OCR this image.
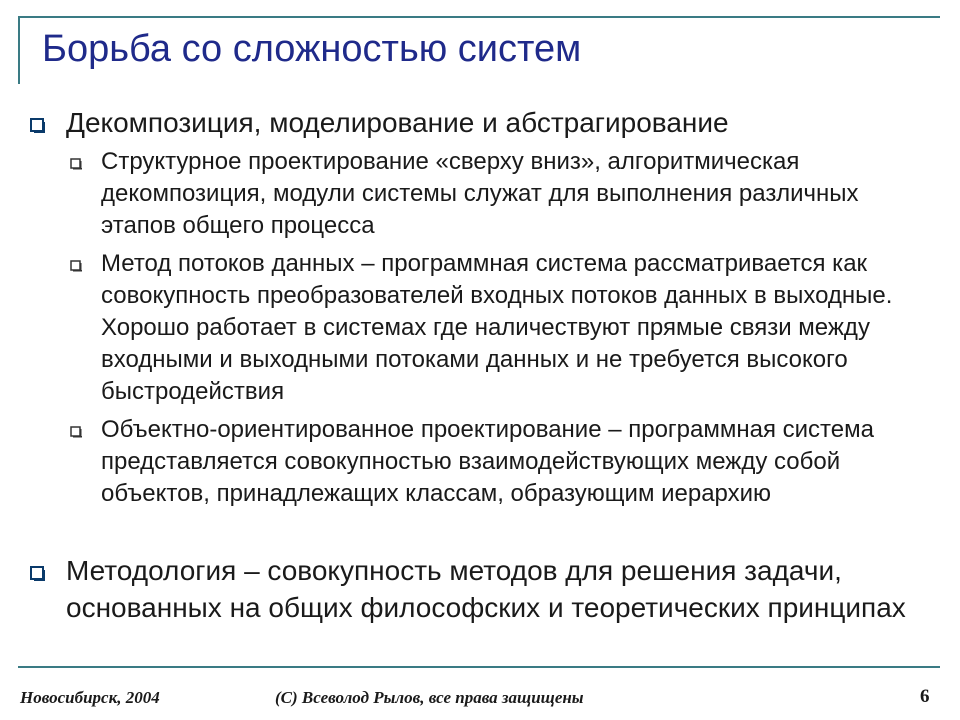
Борьба со сложностью систем
Декомпозиция, моделирование и абстрагирование
Структурное проектирование «сверху вниз», алгоритмическая декомпозиция, модули системы служат для выполнения различных этапов общего процесса
Метод потоков данных – программная система рассматривается как совокупность преобразователей входных потоков данных в выходные. Хорошо работает в системах где наличествуют прямые связи между входными и выходными потоками данных и не требуется высокого быстродействия
Объектно-ориентированное проектирование – программная система представляется совокупностью взаимодействующих между собой объектов, принадлежащих классам, образующим иерархию
Методология – совокупность методов для решения задачи, основанных на общих философских и теоретических принципах
Новосибирск, 2004	(C) Всеволод Рылов, все права защищены	6
